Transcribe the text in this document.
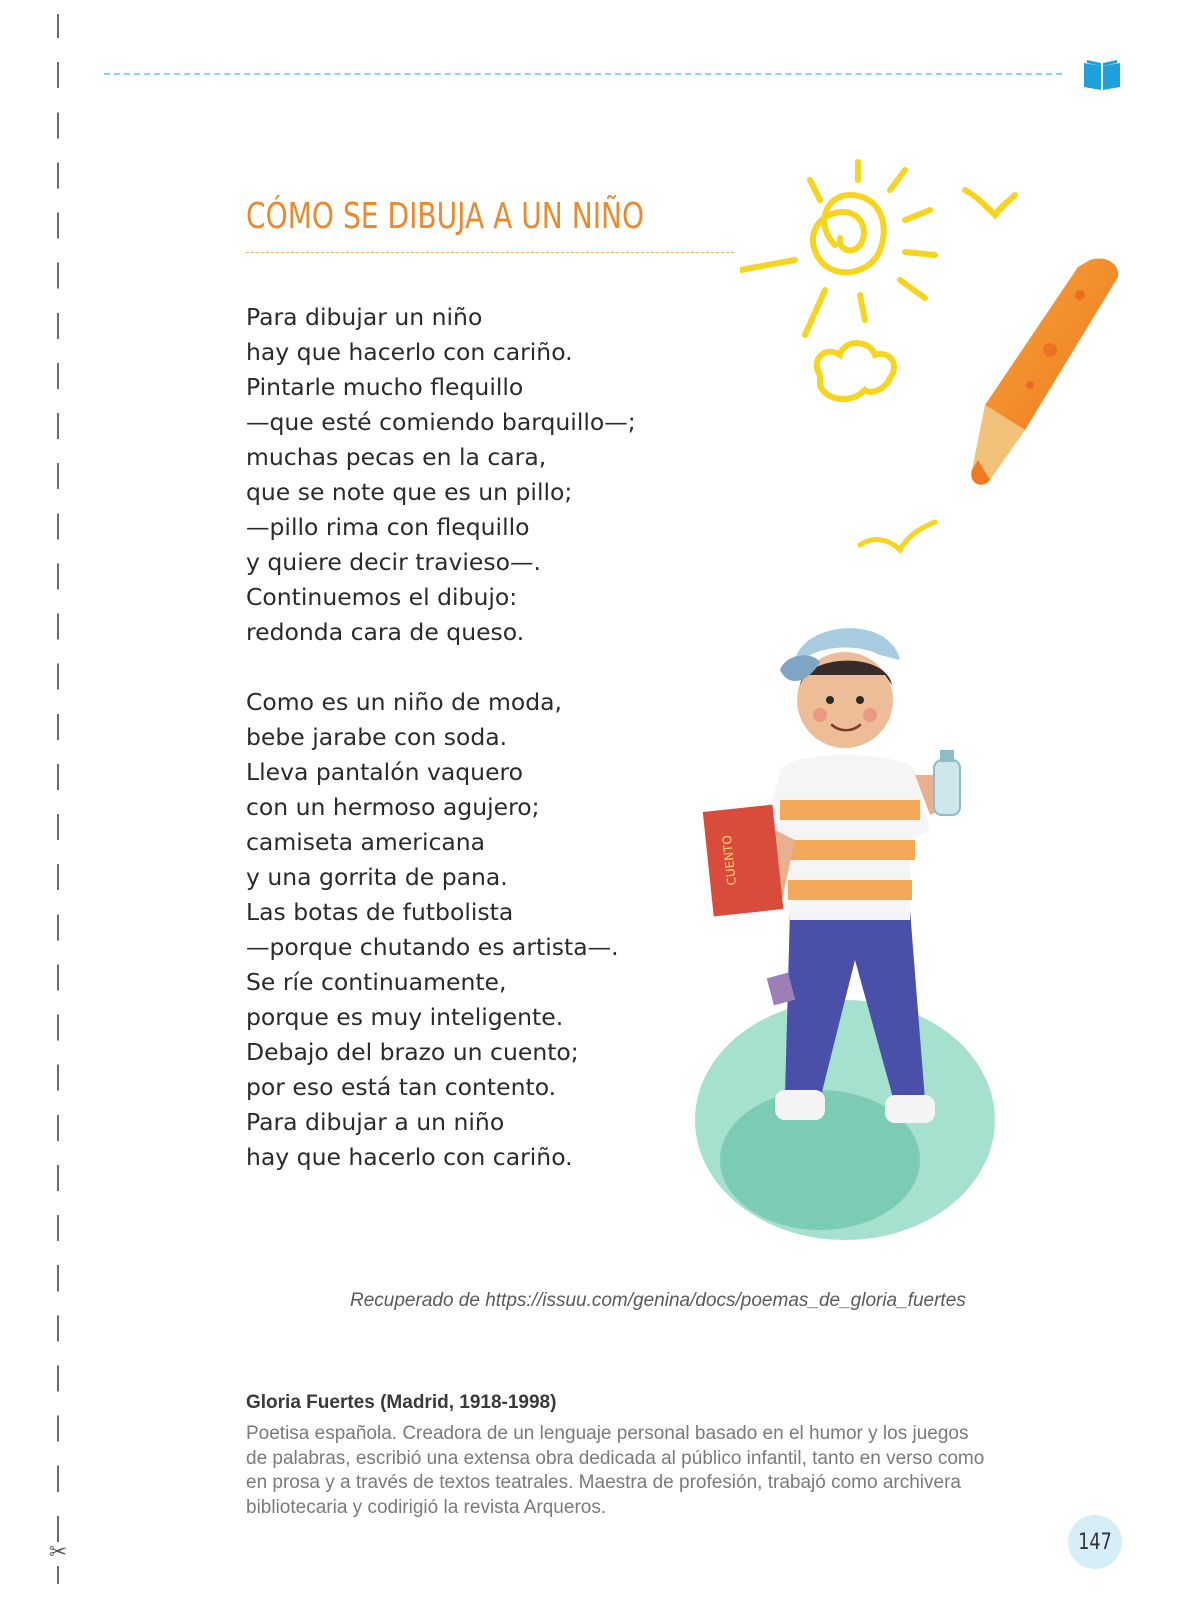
✂
CÓMO SE DIBUJA A UN NIÑO
Para dibujar un niño
hay que hacerlo con cariño.
Pintarle mucho flequillo
—que esté comiendo barquillo—;
muchas pecas en la cara,
que se note que es un pillo;
—pillo rima con flequillo
y quiere decir travieso—.
Continuemos el dibujo:
redonda cara de queso.
Como es un niño de moda,
bebe jarabe con soda.
Lleva pantalón vaquero
con un hermoso agujero;
camiseta americana
y una gorrita de pana.
Las botas de futbolista
—porque chutando es artista—.
Se ríe continuamente,
porque es muy inteligente.
Debajo del brazo un cuento;
por eso está tan contento.
Para dibujar a un niño
hay que hacerlo con cariño.
CUENTO
Recuperado de https://issuu.com/genina/docs/poemas_de_gloria_fuertes
Gloria Fuertes (Madrid, 1918-1998)
Poetisa española. Creadora de un lenguaje personal basado en el humor y los juegos de palabras, escribió una extensa obra dedicada al público infantil, tanto en verso como en prosa y a través de textos teatrales. Maestra de profesión, trabajó como archivera bibliotecaria y codirigió la revista Arqueros.
147
